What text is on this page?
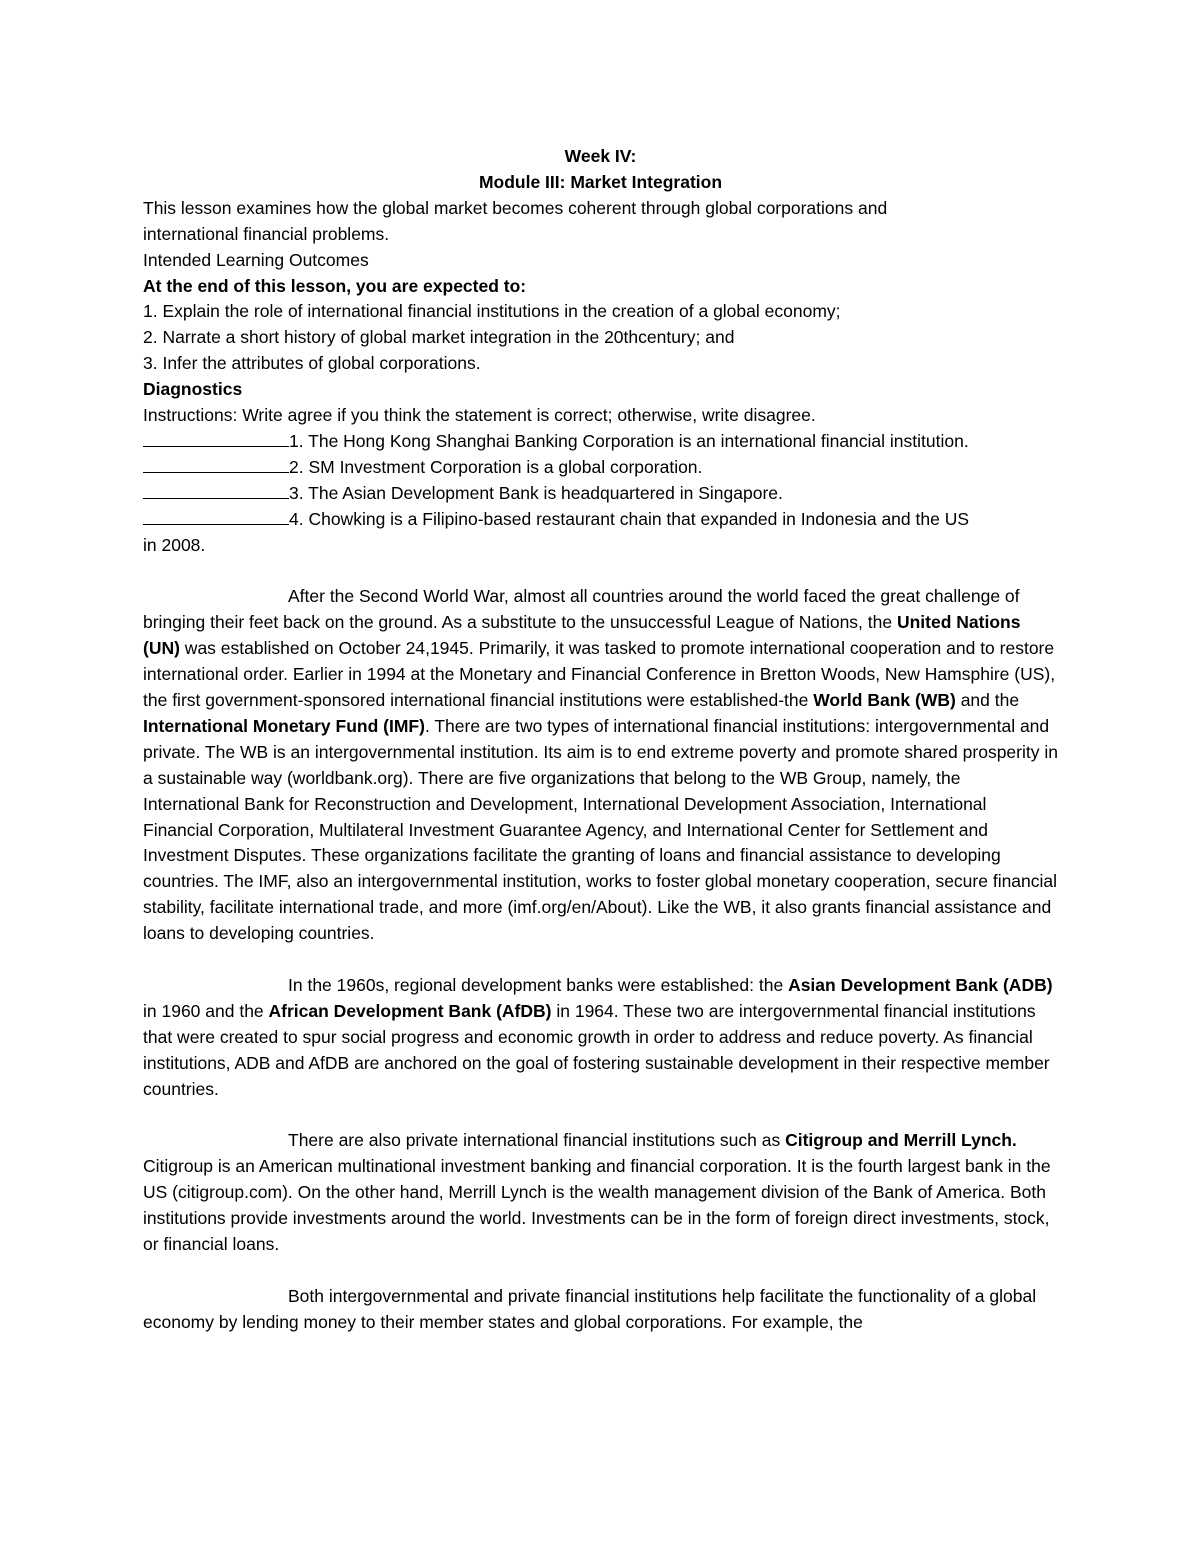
Week IV:
Module III: Market Integration
This lesson examines how the global market becomes coherent through global corporations and
international financial problems.
Intended Learning Outcomes
At the end of this lesson, you are expected to:
1. Explain the role of international financial institutions in the creation of a global economy;
2. Narrate a short history of global market integration in the 20thcentury; and
3. Infer the attributes of global corporations.
Diagnostics
Instructions: Write agree if you think the statement is correct; otherwise, write disagree.
1. The Hong Kong Shanghai Banking Corporation is an international financial institution.
2. SM Investment Corporation is a global corporation.
3. The Asian Development Bank is headquartered in Singapore.
4. Chowking is a Filipino-based restaurant chain that expanded in Indonesia and the US
in 2008.
After the Second World War, almost all countries around the world faced the great challenge of bringing their feet back on the ground. As a substitute to the unsuccessful League of Nations, the United Nations (UN) was established on October 24,1945. Primarily, it was tasked to promote international cooperation and to restore international order. Earlier in 1994 at the Monetary and Financial Conference in Bretton Woods, New Hamsphire (US), the first government-sponsored international financial institutions were established-the World Bank (WB) and the International Monetary Fund (IMF). There are two types of international financial institutions: intergovernmental and private. The WB is an intergovernmental institution. Its aim is to end extreme poverty and promote shared prosperity in a sustainable way (worldbank.org). There are five organizations that belong to the WB Group, namely, the International Bank for Reconstruction and Development, International Development Association, International Financial Corporation, Multilateral Investment Guarantee Agency, and International Center for Settlement and Investment Disputes. These organizations facilitate the granting of loans and financial assistance to developing countries. The IMF, also an intergovernmental institution, works to foster global monetary cooperation, secure financial stability, facilitate international trade, and more (imf.org/en/About). Like the WB, it also grants financial assistance and loans to developing countries.
In the 1960s, regional development banks were established: the Asian Development Bank (ADB) in 1960 and the African Development Bank (AfDB) in 1964. These two are intergovernmental financial institutions that were created to spur social progress and economic growth in order to address and reduce poverty. As financial institutions, ADB and AfDB are anchored on the goal of fostering sustainable development in their respective member countries.
There are also private international financial institutions such as Citigroup and Merrill Lynch. Citigroup is an American multinational investment banking and financial corporation. It is the fourth largest bank in the US (citigroup.com). On the other hand, Merrill Lynch is the wealth management division of the Bank of America. Both institutions provide investments around the world. Investments can be in the form of foreign direct investments, stock, or financial loans.
Both intergovernmental and private financial institutions help facilitate the functionality of a global economy by lending money to their member states and global corporations. For example, the
